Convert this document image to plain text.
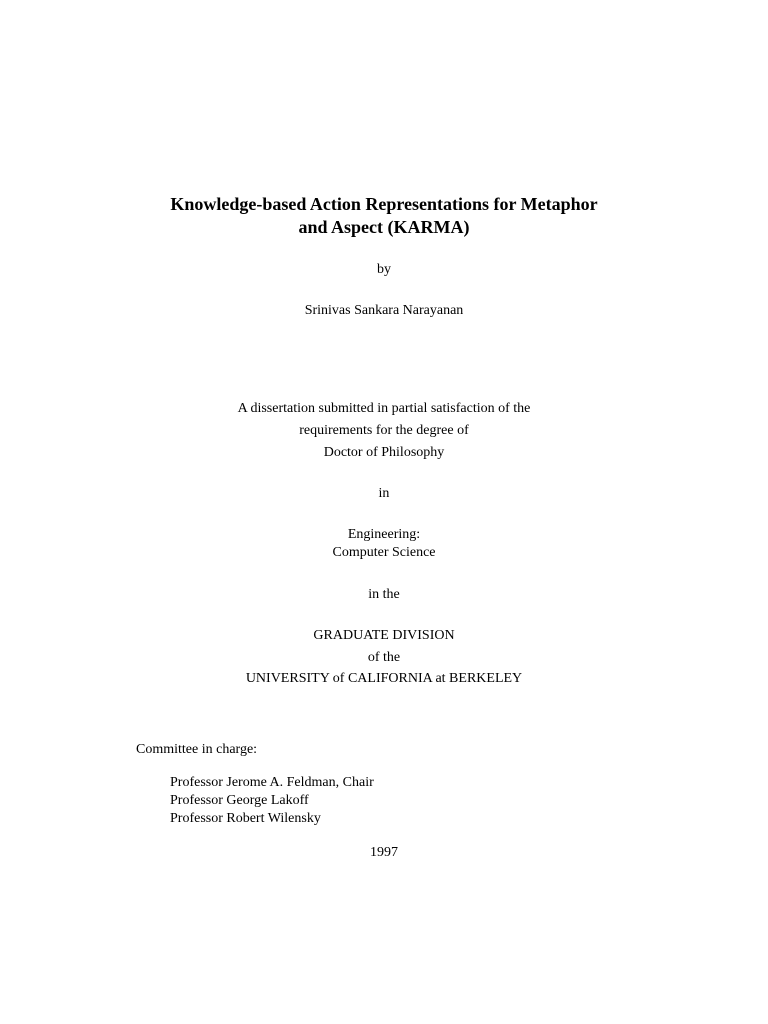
Knowledge-based Action Representations for Metaphor
and Aspect (KARMA)
by
Srinivas Sankara Narayanan
A dissertation submitted in partial satisfaction of the
requirements for the degree of
Doctor of Philosophy
in
Engineering:
Computer Science
in the
GRADUATE DIVISION
of the
UNIVERSITY of CALIFORNIA at BERKELEY
Committee in charge:
Professor Jerome A. Feldman, Chair
Professor George Lakoff
Professor Robert Wilensky
1997
